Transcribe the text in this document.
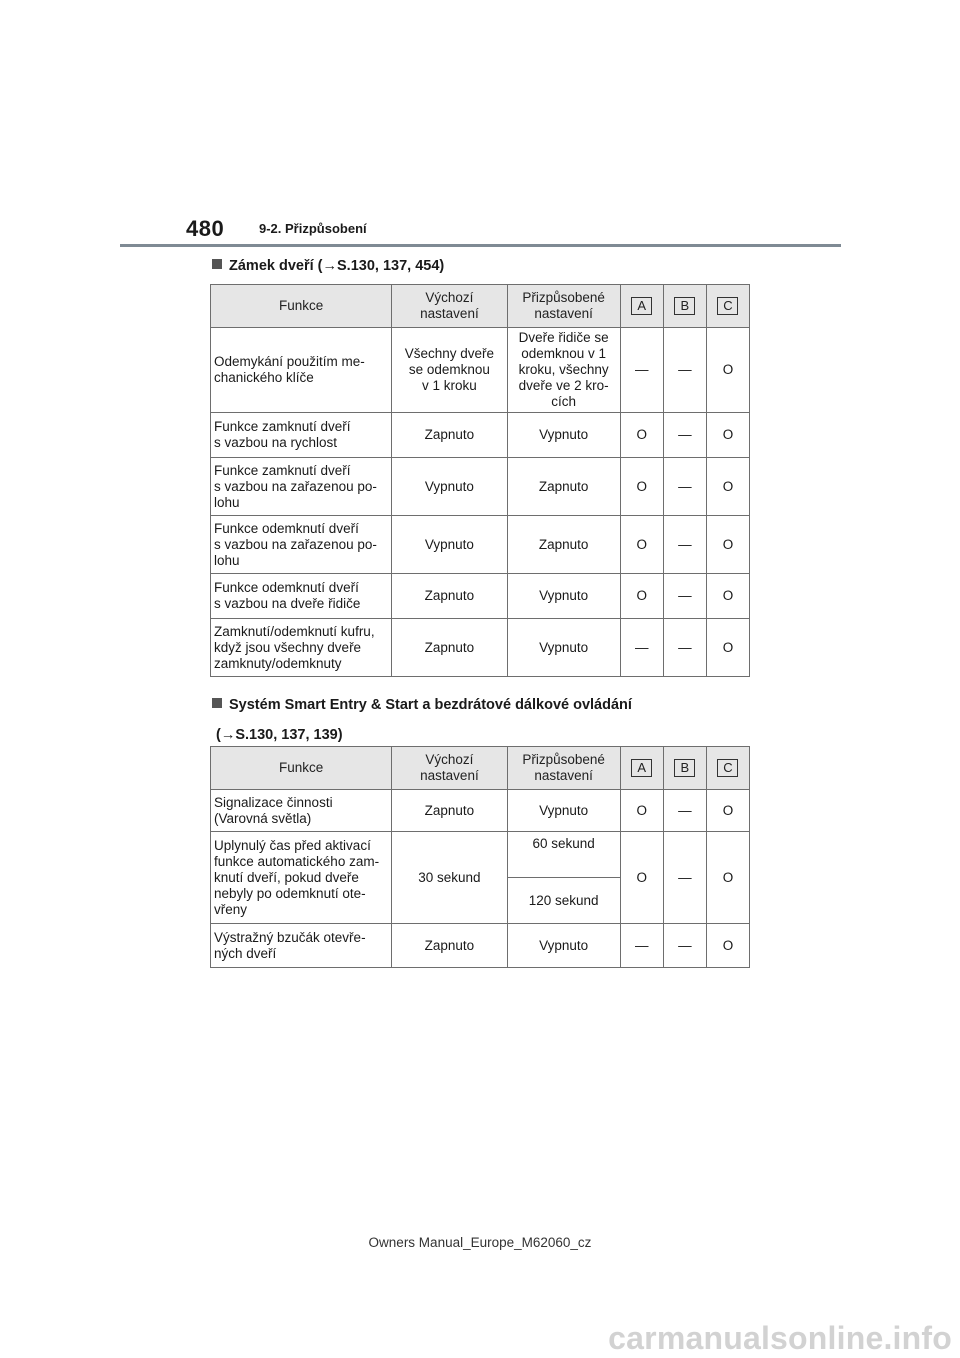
480	9-2. Přizpůsobení
Zámek dveří (→S.130, 137, 454)
Funkce	Výchozí nastavení	Přizpůsobené nastavení	A	B	C
Odemykání použitím me-
chanického klíče	Všechny dveře
se odemknou
v 1 kroku	Dveře řidiče se
odemknou v 1
kroku, všechny
dveře ve 2 kro-
cích	—	—	O
Funkce zamknutí dveří
s vazbou na rychlost	Zapnuto	Vypnuto	O	—	O
Funkce zamknutí dveří
s vazbou na zařazenou po-
lohu	Vypnuto	Zapnuto	O	—	O
Funkce odemknutí dveří
s vazbou na zařazenou po-
lohu	Vypnuto	Zapnuto	O	—	O
Funkce odemknutí dveří
s vazbou na dveře řidiče	Zapnuto	Vypnuto	O	—	O
Zamknutí/odemknutí kufru,
když jsou všechny dveře
zamknuty/odemknuty	Zapnuto	Vypnuto	—	—	O
Systém Smart Entry & Start a bezdrátové dálkové ovládání
(→S.130, 137, 139)
Funkce	Výchozí nastavení	Přizpůsobené nastavení	A	B	C
Signalizace činnosti
(Varovná světla)	Zapnuto	Vypnuto	O	—	O
Uplynulý čas před aktivací
funkce automatického zam-
knutí dveří, pokud dveře
nebyly po odemknutí ote-
vřeny	30 sekund	60 sekund	O	—	O
		120 sekund			
Výstražný bzučák otevře-
ných dveří	Zapnuto	Vypnuto	—	—	O
Owners Manual_Europe_M62060_cz
carmanualsonline.info
